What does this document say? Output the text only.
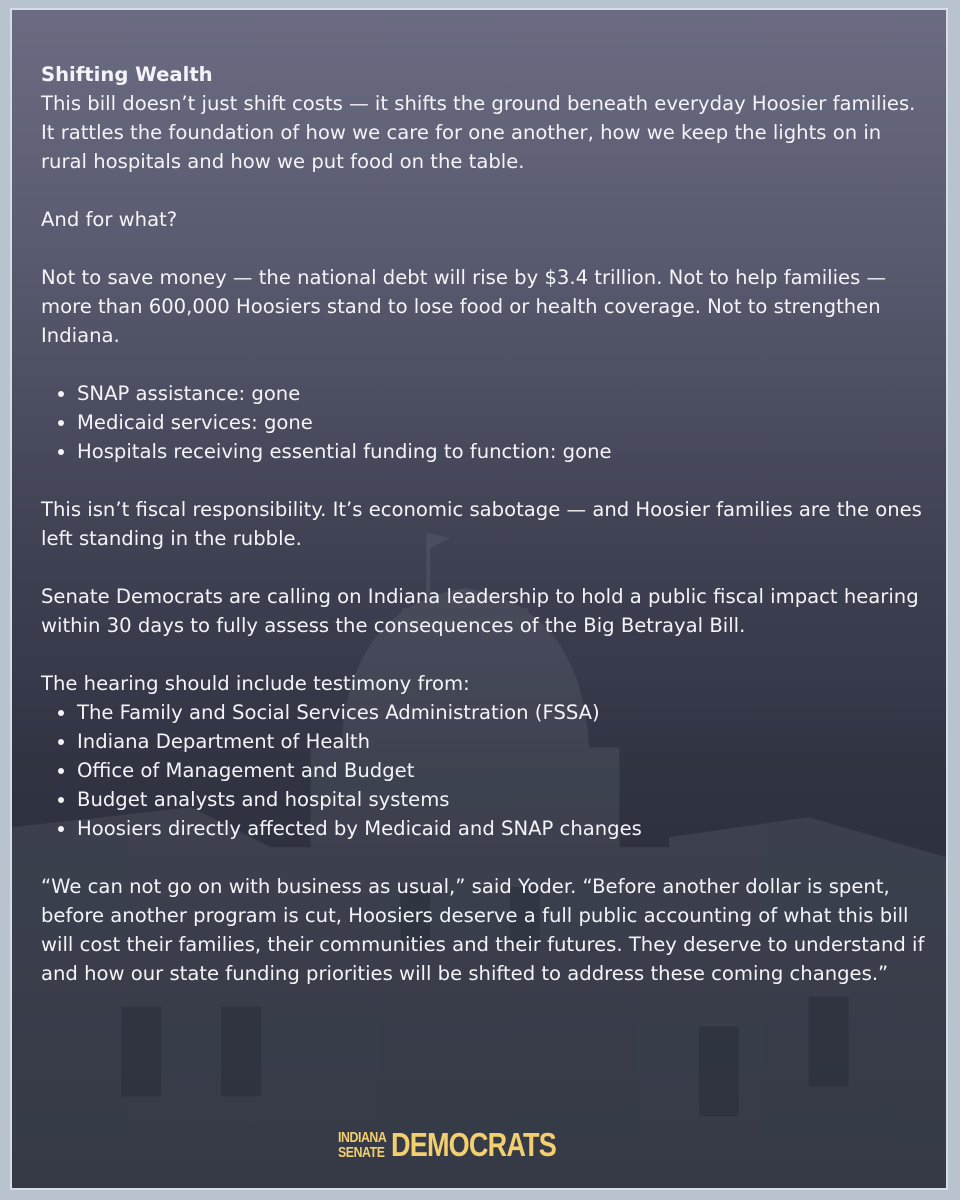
Shifting Wealth
This bill doesn’t just shift costs — it shifts the ground beneath everyday Hoosier families. It rattles the foundation of how we care for one another, how we keep the lights on in rural hospitals and how we put food on the table.

And for what?

Not to save money — the national debt will rise by $3.4 trillion. Not to help families — more than 600,000 Hoosiers stand to lose food or health coverage. Not to strengthen Indiana.

• SNAP assistance: gone
• Medicaid services: gone
• Hospitals receiving essential funding to function: gone

This isn’t fiscal responsibility. It’s economic sabotage — and Hoosier families are the ones left standing in the rubble.

Senate Democrats are calling on Indiana leadership to hold a public fiscal impact hearing within 30 days to fully assess the consequences of the Big Betrayal Bill.

The hearing should include testimony from:
• The Family and Social Services Administration (FSSA)
• Indiana Department of Health
• Office of Management and Budget
• Budget analysts and hospital systems
• Hoosiers directly affected by Medicaid and SNAP changes

“We can not go on with business as usual,” said Yoder. “Before another dollar is spent, before another program is cut, Hoosiers deserve a full public accounting of what this bill will cost their families, their communities and their futures. They deserve to understand if and how our state funding priorities will be shifted to address these coming changes.”

INDIANA
SENATE DEMOCRATS
